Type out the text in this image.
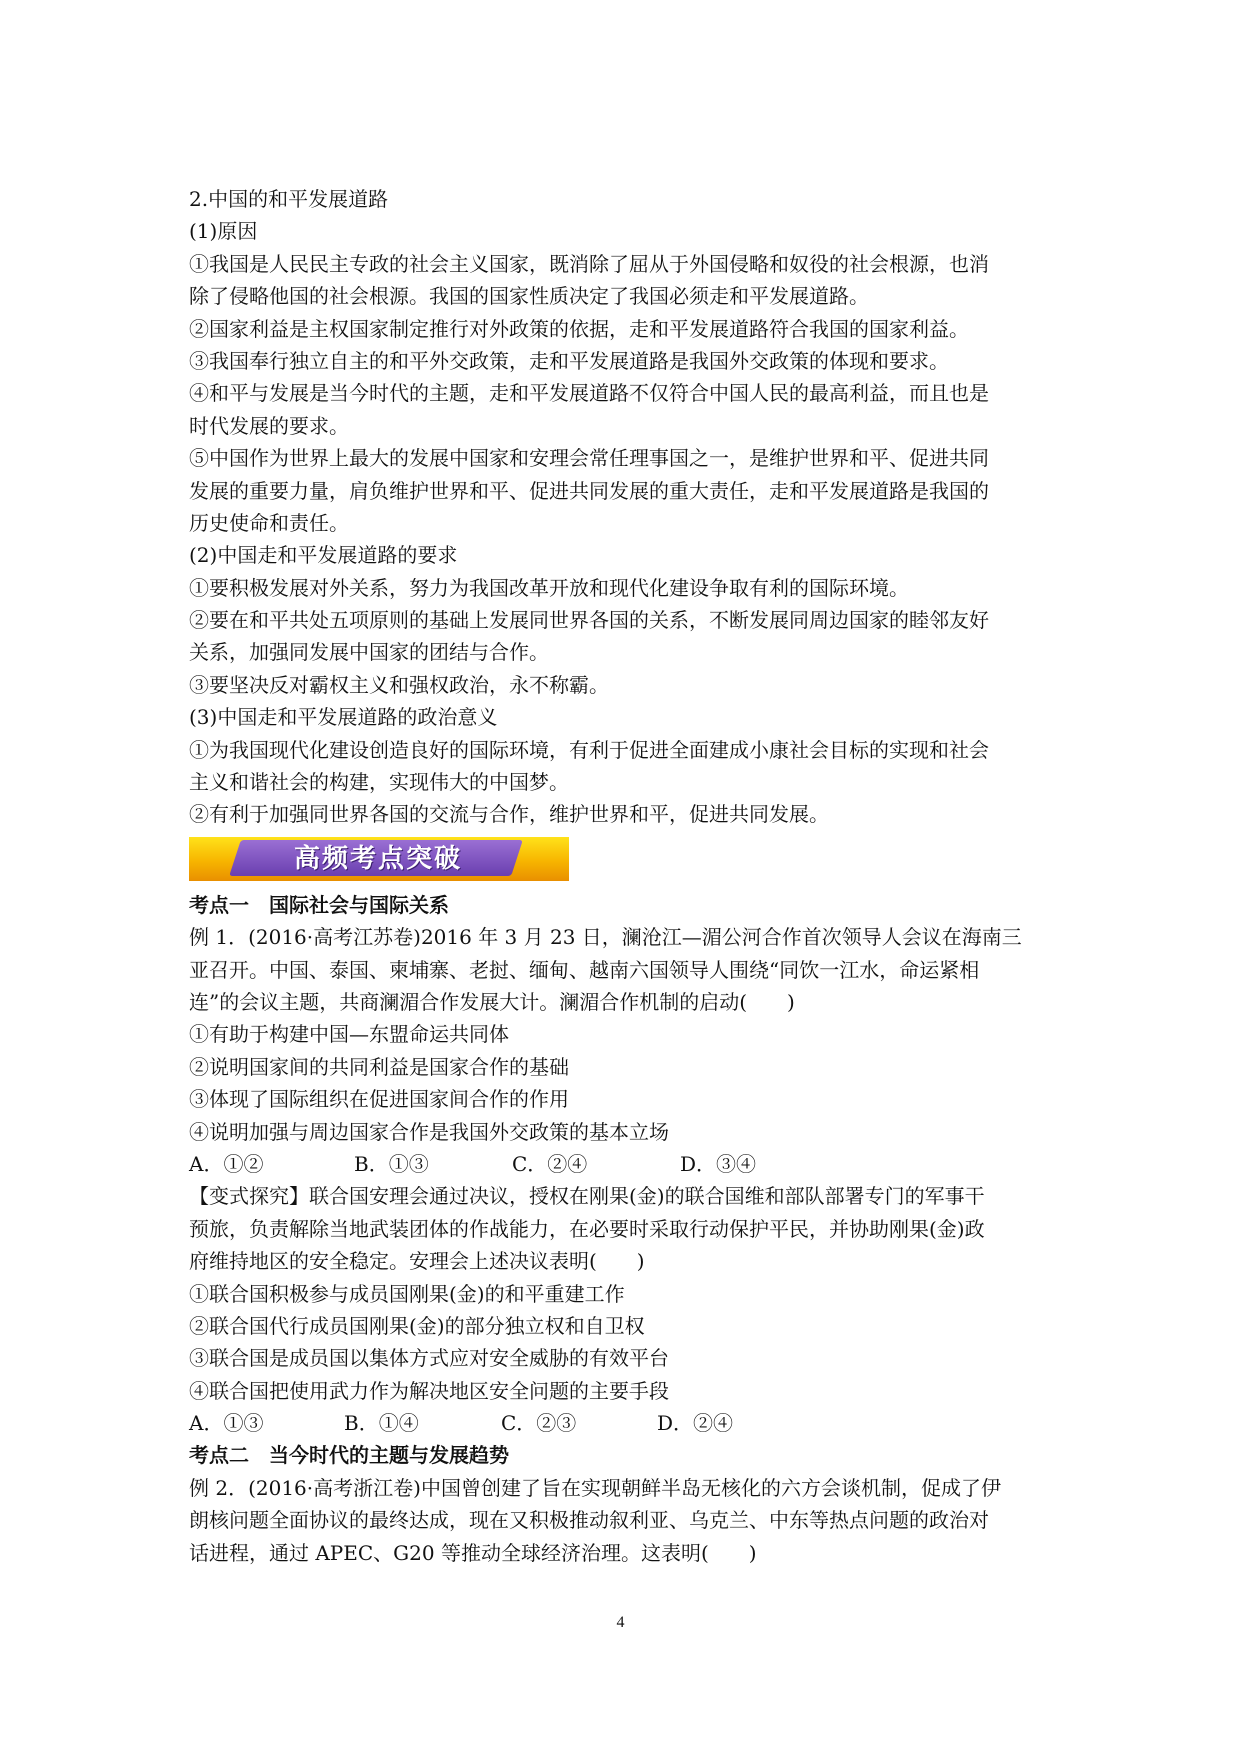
2.中国的和平发展道路
(1)原因
①我国是人民民主专政的社会主义国家，既消除了屈从于外国侵略和奴役的社会根源，也消
除了侵略他国的社会根源。我国的国家性质决定了我国必须走和平发展道路。
②国家利益是主权国家制定推行对外政策的依据，走和平发展道路符合我国的国家利益。
③我国奉行独立自主的和平外交政策，走和平发展道路是我国外交政策的体现和要求。
④和平与发展是当今时代的主题，走和平发展道路不仅符合中国人民的最高利益，而且也是
时代发展的要求。
⑤中国作为世界上最大的发展中国家和安理会常任理事国之一，是维护世界和平、促进共同
发展的重要力量，肩负维护世界和平、促进共同发展的重大责任，走和平发展道路是我国的
历史使命和责任。
(2)中国走和平发展道路的要求
①要积极发展对外关系，努力为我国改革开放和现代化建设争取有利的国际环境。
②要在和平共处五项原则的基础上发展同世界各国的关系，不断发展同周边国家的睦邻友好
关系，加强同发展中国家的团结与合作。
③要坚决反对霸权主义和强权政治，永不称霸。
(3)中国走和平发展道路的政治意义
①为我国现代化建设创造良好的国际环境，有利于促进全面建成小康社会目标的实现和社会
主义和谐社会的构建，实现伟大的中国梦。
②有利于加强同世界各国的交流与合作，维护世界和平，促进共同发展。
高频考点突破
考点一　国际社会与国际关系
例 1．(2016·高考江苏卷)2016 年 3 月 23 日，澜沧江—湄公河合作首次领导人会议在海南三
亚召开。中国、泰国、柬埔寨、老挝、缅甸、越南六国领导人围绕“同饮一江水，命运紧相
连”的会议主题，共商澜湄合作发展大计。澜湄合作机制的启动(　　)
①有助于构建中国—东盟命运共同体
②说明国家间的共同利益是国家合作的基础
③体现了国际组织在促进国家间合作的作用
④说明加强与周边国家合作是我国外交政策的基本立场
A．①②	B．①③	C．②④	D．③④
【变式探究】联合国安理会通过决议，授权在刚果(金)的联合国维和部队部署专门的军事干
预旅，负责解除当地武装团体的作战能力，在必要时采取行动保护平民，并协助刚果(金)政
府维持地区的安全稳定。安理会上述决议表明(　　)
①联合国积极参与成员国刚果(金)的和平重建工作
②联合国代行成员国刚果(金)的部分独立权和自卫权
③联合国是成员国以集体方式应对安全威胁的有效平台
④联合国把使用武力作为解决地区安全问题的主要手段
A．①③	B．①④	C．②③	D．②④
考点二　当今时代的主题与发展趋势
例 2．(2016·高考浙江卷)中国曾创建了旨在实现朝鲜半岛无核化的六方会谈机制，促成了伊
朗核问题全面协议的最终达成，现在又积极推动叙利亚、乌克兰、中东等热点问题的政治对
话进程，通过 APEC、G20 等推动全球经济治理。这表明(　　)
4
